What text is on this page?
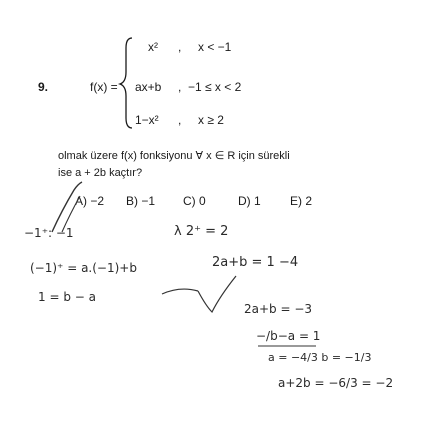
9.	f(x) =
x² , x < −1
ax+b , −1 ≤ x < 2
1−x² , x ≥ 2
olmak üzere f(x) fonksiyonu ∀ x ∈ R için sürekli
ise a + 2b kaçtır?
A) −2 B) −1 C) 0	D) 1 E) 2
−1⁺: −1
(−1)⁺ = a.(−1)+b
1 = b − a
λ 2⁺ = 2
2a+b = 1 −4
2a+b = −3
−/b−a = 1
a = −4/3 b = −1/3
a+2b = −6/3 = −2
